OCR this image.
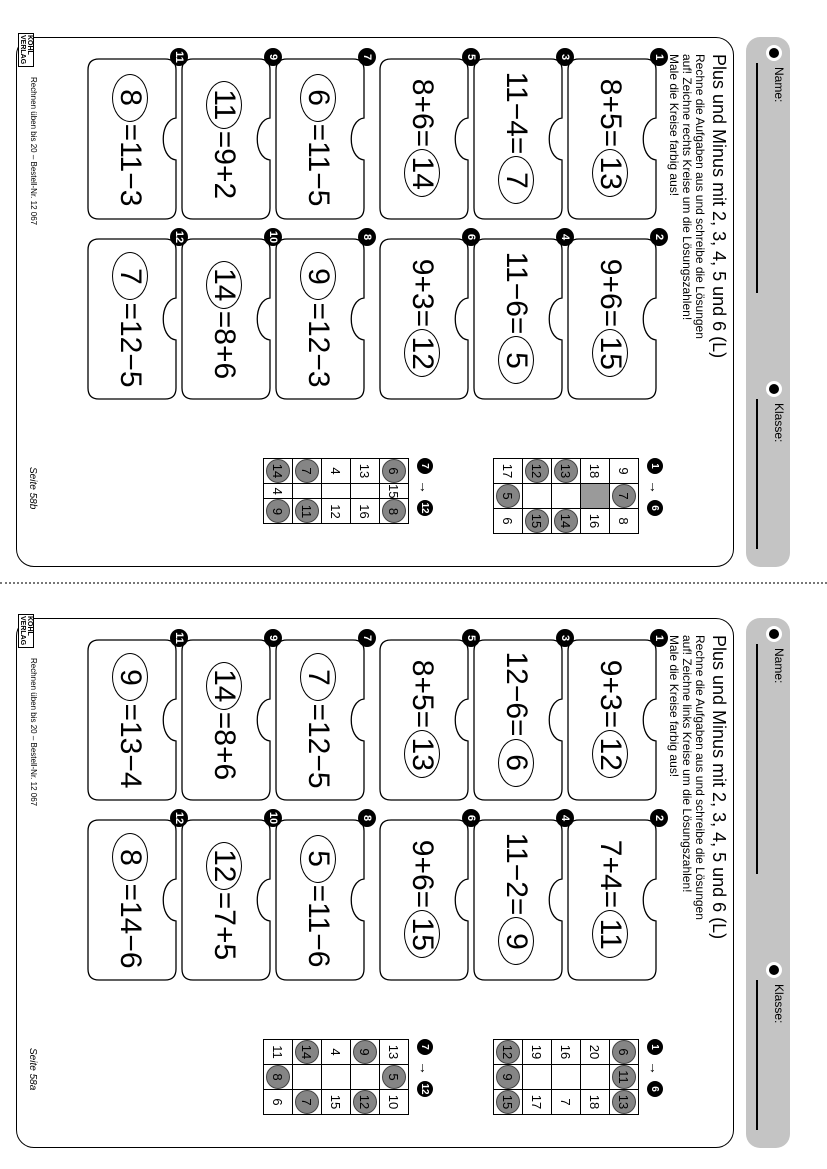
Name:
Klasse:
Plus und Minus mit 2, 3, 4, 5 und 6 (L)
Rechne die Aufgaben aus und schreibe die Lösungen
auf! Zeichne rechts Kreise um die Lösungszahlen!
Male die Kreise farbig aus!
1
8+5=
13
2
9+6=
15
3
11−4=
7
4
11−6=
5
5
8+6=
14
6
9+3=
12
7
6
=11−5
8
9
=12−3
9
11
=9+2
10
14
=8+6
11
8
=11−3
12
7
=12−5
1
→
6
9	7	8
18		16
13		14
12		15
17	5	6
7
→
12
6	15	8
13		16
4		12
7		11
14	4	9
KOHL VERLAG
Rechnen üben bis 20 – Bestell-Nr. 12 067
Seite 58b
Name:
Klasse:
Plus und Minus mit 2, 3, 4, 5 und 6 (L)
Rechne die Aufgaben aus und schreibe die Lösungen
auf! Zeichne links Kreise um die Lösungszahlen!
Male die Kreise farbig aus!
1
9+3=
12
2
7+4=
11
3
12−6=
6
4
11−2=
9
5
8+5=
13
6
9+6=
15
7
7
=12−5
8
5
=11−6
9
14
=8+6
10
12
=7+5
11
9
=13−4
12
8
=14−6
1
→
6
6	11	13
20		18
16		7
19		17
12	9	15
7
→
12
13	5	10
9		12
4		15
14		7
11	8	6
KOHL VERLAG
Rechnen üben bis 20 – Bestell-Nr. 12 067
Seite 58a
